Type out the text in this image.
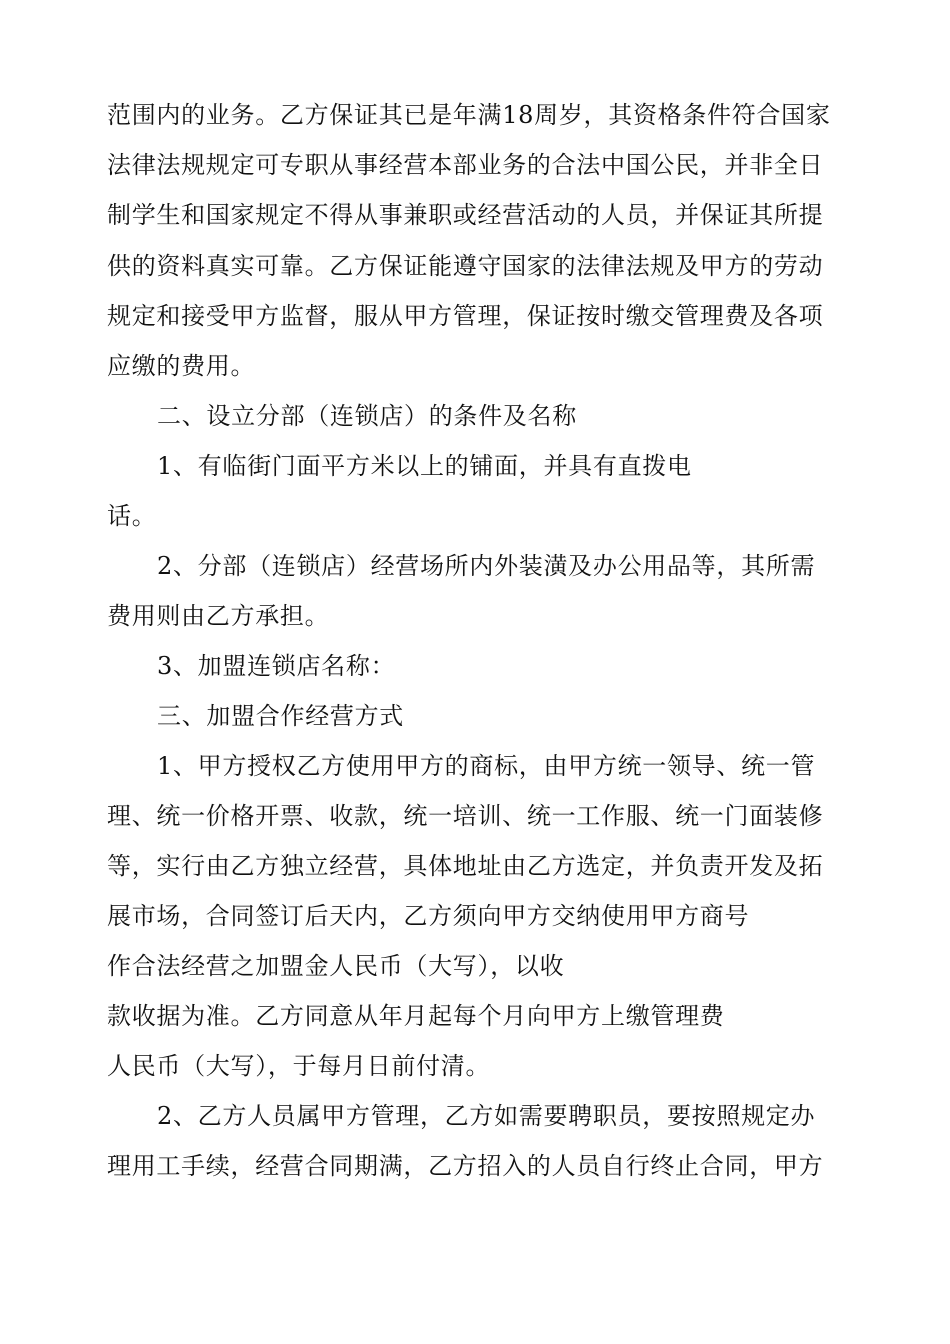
范围内的业务。乙方保证其已是年满18周岁，其资格条件符合国家
法律法规规定可专职从事经营本部业务的合法中国公民，并非全日
制学生和国家规定不得从事兼职或经营活动的人员，并保证其所提
供的资料真实可靠。乙方保证能遵守国家的法律法规及甲方的劳动
规定和接受甲方监督，服从甲方管理，保证按时缴交管理费及各项
应缴的费用。
二、设立分部（连锁店）的条件及名称
1、有临街门面平方米以上的铺面，并具有直拨电
话。
2、分部（连锁店）经营场所内外装潢及办公用品等，其所需
费用则由乙方承担。
3、加盟连锁店名称：
三、加盟合作经营方式
1、甲方授权乙方使用甲方的商标，由甲方统一领导、统一管
理、统一价格开票、收款，统一培训、统一工作服、统一门面装修
等，实行由乙方独立经营，具体地址由乙方选定，并负责开发及拓
展市场，合同签订后天内，乙方须向甲方交纳使用甲方商号
作合法经营之加盟金人民币（大写），以收
款收据为准。乙方同意从年月起每个月向甲方上缴管理费
人民币（大写），于每月日前付清。
2、乙方人员属甲方管理，乙方如需要聘职员，要按照规定办
理用工手续，经营合同期满，乙方招入的人员自行终止合同，甲方
